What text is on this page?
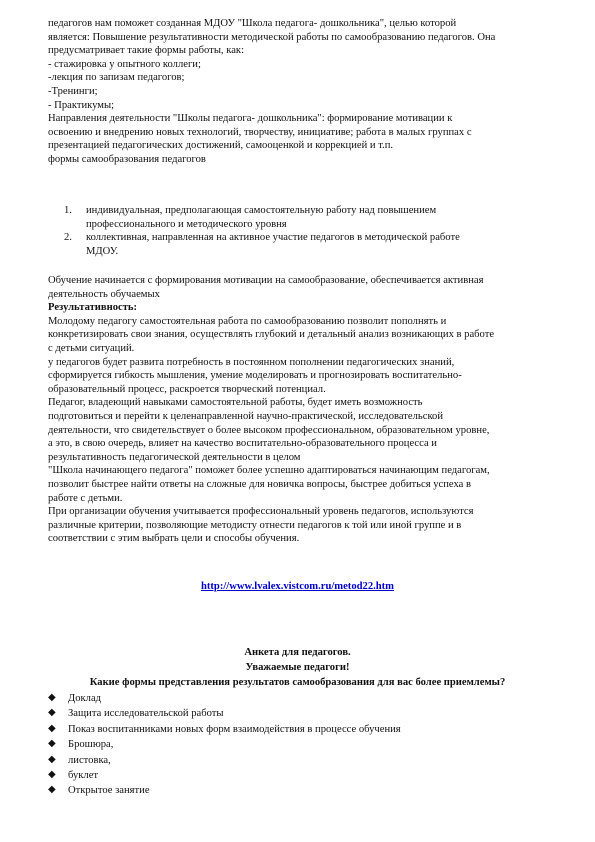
педагогов нам поможет созданная МДОУ "Школа педагога- дошкольника", целью которой
является: Повышение результативности методической работы по самообразованию педагогов. Она
предусматривает такие формы работы, как:
- стажировка у опытного коллеги;
-лекция по запизам педагогов;
-Тренинги;
- Практикумы;
Направления деятельности "Школы педагога- дошкольника": формирование мотивации к
освоению и внедрению новых технологий, творчеству, инициативе; работа в малых группах с
презентацией педагогических достижений, самооценкой и коррекцией и т.п.
формы самообразования педагогов
1. индивидуальная, предполагающая самостоятельную работу над повышением
профессионального и методического уровня
2. коллективная, направленная на активное участие педагогов в методической работе
МДОУ.
Обучение начинается с формирования мотивации на самообразование, обеспечивается активная
деятельность обучаемых
Результативность:
Молодому педагогу самостоятельная работа по самообразованию позволит пополнять и
конкретизировать свои знания, осуществлять глубокий и детальный анализ возникающих в работе
с детьми ситуаций.
у педагогов будет развита потребность в постоянном пополнении педагогических знаний,
сформируется гибкость мышления, умение моделировать и прогнозировать воспитательно-
образовательный процесс, раскроется творческий потенциал.
Педагог, владеющий навыками самостоятельной работы, будет иметь возможность
подготовиться и перейти к целенаправленной научно-практической, исследовательской
деятельности, что свидетельствует о более высоком профессиональном, образовательном уровне,
а это, в свою очередь, влияет на качество воспитательно-образовательного процесса и
результативность педагогической деятельности в целом
"Школа начинающего педагога" поможет более успешно адаптироваться начинающим педагогам,
позволит быстрее найти ответы на сложные для новичка вопросы, быстрее добиться успеха в
работе с детьми.
При организации обучения учитывается профессиональный уровень педагогов, используются
различные критерии, позволяющие методисту отнести педагогов к той или иной группе и в
соответствии с этим выбрать цели и способы обучения.
http://www.lvalex.vistcom.ru/metod22.htm

Анкета для педагогов.

Уважаемые педагоги!

Какие формы представления результатов самообразования для вас более приемлемы?

◆ Доклад
◆ Защита исследовательской работы
◆ Показ воспитанниками новых форм взаимодействия в процессе обучения
◆ Брошюра,
◆ листовка,
◆ буклет
◆ Открытое занятие
